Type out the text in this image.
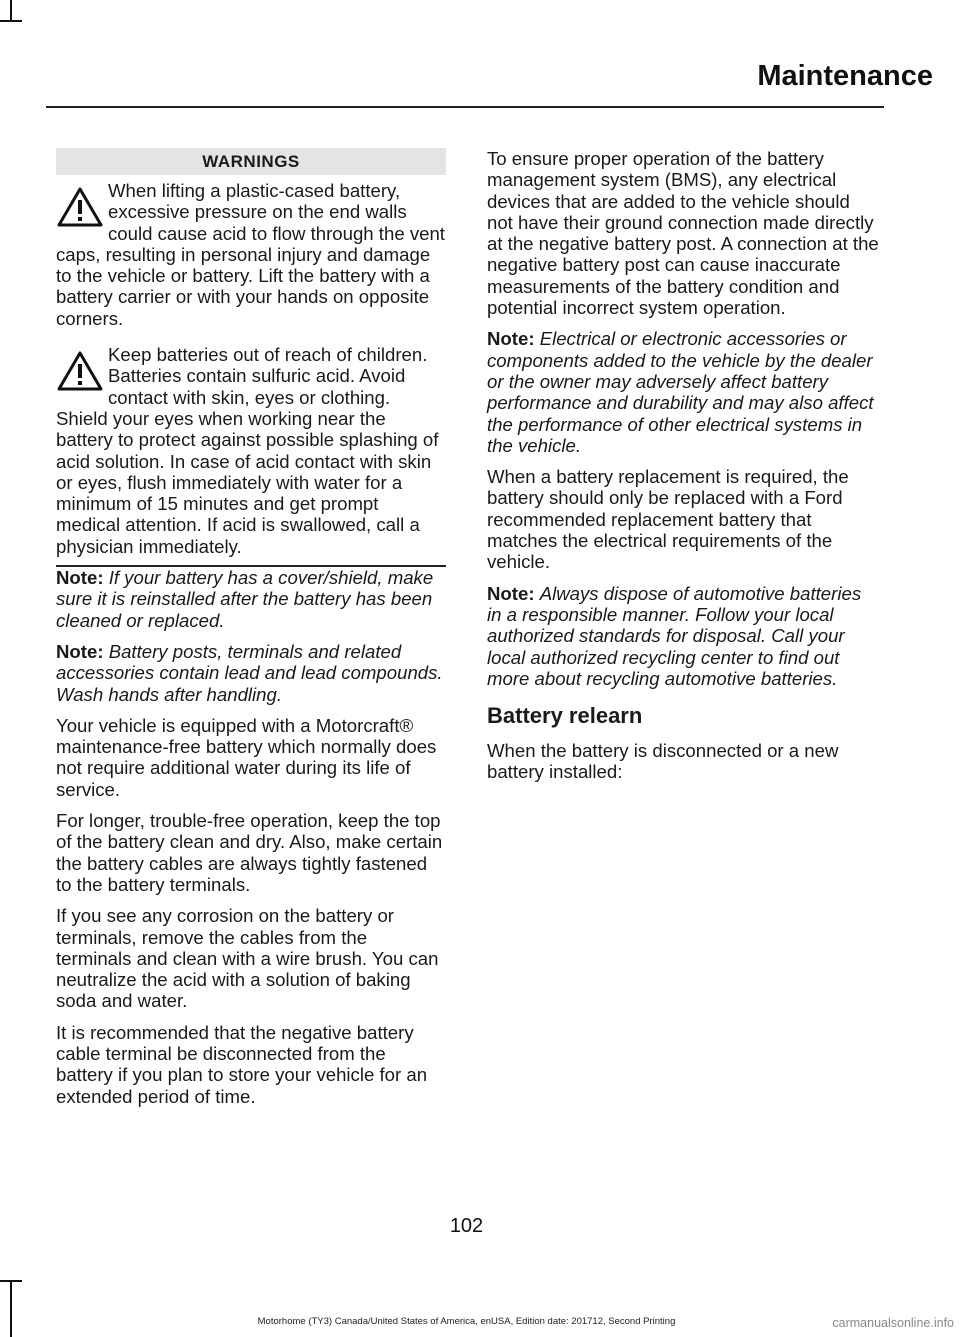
Maintenance
WARNINGS

When lifting a plastic-cased battery, excessive pressure on the end walls could cause acid to flow through the vent caps, resulting in personal injury and damage to the vehicle or battery. Lift the battery with a battery carrier or with your hands on opposite corners.

Keep batteries out of reach of children. Batteries contain sulfuric acid. Avoid contact with skin, eyes or clothing. Shield your eyes when working near the battery to protect against possible splashing of acid solution. In case of acid contact with skin or eyes, flush immediately with water for a minimum of 15 minutes and get prompt medical attention. If acid is swallowed, call a physician immediately.

Note: If your battery has a cover/shield, make sure it is reinstalled after the battery has been cleaned or replaced.

Note: Battery posts, terminals and related accessories contain lead and lead compounds. Wash hands after handling.

Your vehicle is equipped with a Motorcraft® maintenance-free battery which normally does not require additional water during its life of service.

For longer, trouble-free operation, keep the top of the battery clean and dry. Also, make certain the battery cables are always tightly fastened to the battery terminals.

If you see any corrosion on the battery or terminals, remove the cables from the terminals and clean with a wire brush. You can neutralize the acid with a solution of baking soda and water.

It is recommended that the negative battery cable terminal be disconnected from the battery if you plan to store your vehicle for an extended period of time.

To ensure proper operation of the battery management system (BMS), any electrical devices that are added to the vehicle should not have their ground connection made directly at the negative battery post. A connection at the negative battery post can cause inaccurate measurements of the battery condition and potential incorrect system operation.

Note: Electrical or electronic accessories or components added to the vehicle by the dealer or the owner may adversely affect battery performance and durability and may also affect the performance of other electrical systems in the vehicle.

When a battery replacement is required, the battery should only be replaced with a Ford recommended replacement battery that matches the electrical requirements of the vehicle.

Note: Always dispose of automotive batteries in a responsible manner. Follow your local authorized standards for disposal. Call your local authorized recycling center to find out more about recycling automotive batteries.

Battery relearn

When the battery is disconnected or a new battery installed:

102
Motorhome (TY3) Canada/United States of America, enUSA, Edition date: 201712, Second Printing	carmanualsonline.info
